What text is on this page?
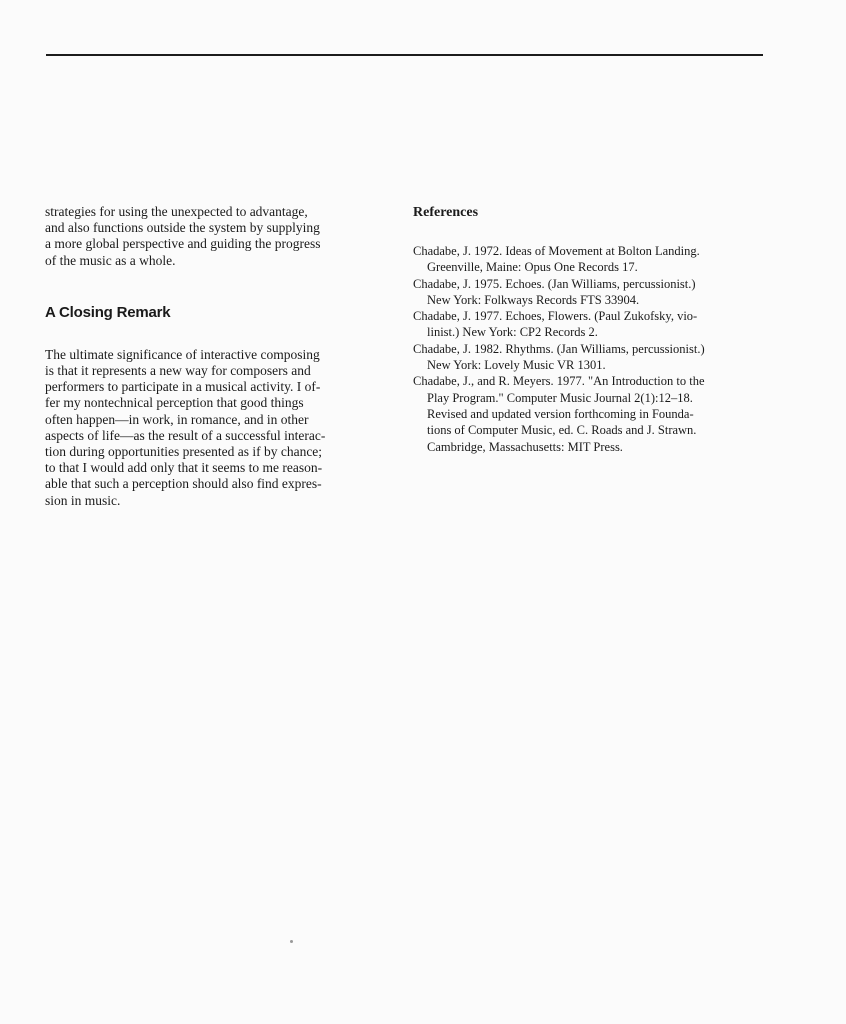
strategies for using the unexpected to advantage,
and also functions outside the system by supplying
a more global perspective and guiding the progress
of the music as a whole.

A Closing Remark

The ultimate significance of interactive composing
is that it represents a new way for composers and
performers to participate in a musical activity. I of-
fer my nontechnical perception that good things
often happen—in work, in romance, and in other
aspects of life—as the result of a successful interac-
tion during opportunities presented as if by chance;
to that I would add only that it seems to me reason-
able that such a perception should also find expres-
sion in music.

References
Chadabe, J. 1972. Ideas of Movement at Bolton Landing.
Greenville, Maine: Opus One Records 17.
Chadabe, J. 1975. Echoes. (Jan Williams, percussionist.)
New York: Folkways Records FTS 33904.
Chadabe, J. 1977. Echoes, Flowers. (Paul Zukofsky, vio-
linist.) New York: CP2 Records 2.
Chadabe, J. 1982. Rhythms. (Jan Williams, percussionist.)
New York: Lovely Music VR 1301.
Chadabe, J., and R. Meyers. 1977. "An Introduction to the
Play Program." Computer Music Journal 2(1):12–18.
Revised and updated version forthcoming in Founda-
tions of Computer Music, ed. C. Roads and J. Strawn.
Cambridge, Massachusetts: MIT Press.
